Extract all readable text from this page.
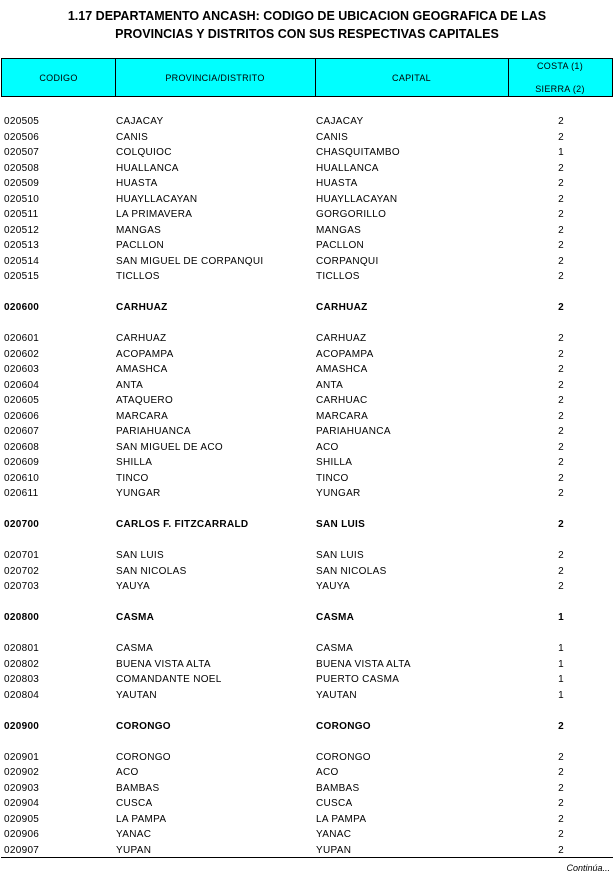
1.17 DEPARTAMENTO ANCASH: CODIGO DE UBICACION GEOGRAFICA DE LAS
PROVINCIAS Y DISTRITOS CON SUS RESPECTIVAS CAPITALES
CODIGO	PROVINCIA/DISTRITO	CAPITAL
COSTA (1)
SIERRA (2)
020505	CAJACAY	CAJACAY	2
020506	CANIS	CANIS	2
020507	COLQUIOC	CHASQUITAMBO	1
020508	HUALLANCA	HUALLANCA	2
020509	HUASTA	HUASTA	2
020510	HUAYLLACAYAN	HUAYLLACAYAN	2
020511	LA PRIMAVERA	GORGORILLO	2
020512	MANGAS	MANGAS	2
020513	PACLLON	PACLLON	2
020514	SAN MIGUEL DE CORPANQUI	CORPANQUI	2
020515	TICLLOS	TICLLOS	2
020600	CARHUAZ	CARHUAZ	2
020601	CARHUAZ	CARHUAZ	2
020602	ACOPAMPA	ACOPAMPA	2
020603	AMASHCA	AMASHCA	2
020604	ANTA	ANTA	2
020605	ATAQUERO	CARHUAC	2
020606	MARCARA	MARCARA	2
020607	PARIAHUANCA	PARIAHUANCA	2
020608	SAN MIGUEL DE ACO	ACO	2
020609	SHILLA	SHILLA	2
020610	TINCO	TINCO	2
020611	YUNGAR	YUNGAR	2
020700	CARLOS F. FITZCARRALD	SAN LUIS	2
020701	SAN LUIS	SAN LUIS	2
020702	SAN NICOLAS	SAN NICOLAS	2
020703	YAUYA	YAUYA	2
020800	CASMA	CASMA	1
020801	CASMA	CASMA	1
020802	BUENA VISTA ALTA	BUENA VISTA ALTA	1
020803	COMANDANTE NOEL	PUERTO CASMA	1
020804	YAUTAN	YAUTAN	1
020900	CORONGO	CORONGO	2
020901	CORONGO	CORONGO	2
020902	ACO	ACO	2
020903	BAMBAS	BAMBAS	2
020904	CUSCA	CUSCA	2
020905	LA PAMPA	LA PAMPA	2
020906	YANAC	YANAC	2
020907	YUPAN	YUPAN	2
Continúa...
